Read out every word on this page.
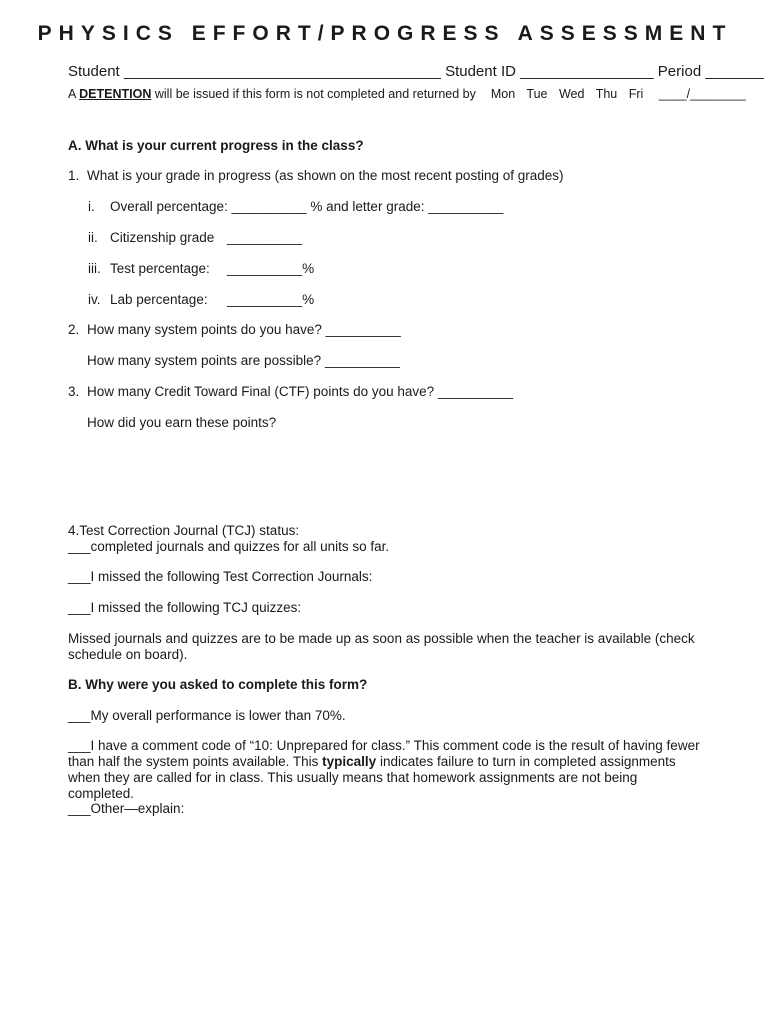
PHYSICS EFFORT/PROGRESS ASSESSMENT
Student ______________________________________ Student ID ________________ Period _______
A DETENTION will be issued if this form is not completed and returned by Mon Tue Wed Thu Fri ____/________
A. What is your current progress in the class?
1. What is your grade in progress (as shown on the most recent posting of grades)
i. Overall percentage: __________ % and letter grade: __________
ii. Citizenship grade __________
iii. Test percentage: __________%
iv. Lab percentage: __________%
2. How many system points do you have? __________
How many system points are possible? __________
3. How many Credit Toward Final (CTF) points do you have? __________
How did you earn these points?
4.Test Correction Journal (TCJ) status:
___completed journals and quizzes for all units so far.
___I missed the following Test Correction Journals:
___I missed the following TCJ quizzes:
Missed journals and quizzes are to be made up as soon as possible when the teacher is available (check schedule on board).
B. Why were you asked to complete this form?
___My overall performance is lower than 70%.
___I have a comment code of “10: Unprepared for class.” This comment code is the result of having fewer than half the system points available. This typically indicates failure to turn in completed assignments when they are called for in class. This usually means that homework assignments are not being completed.
___Other—explain:
